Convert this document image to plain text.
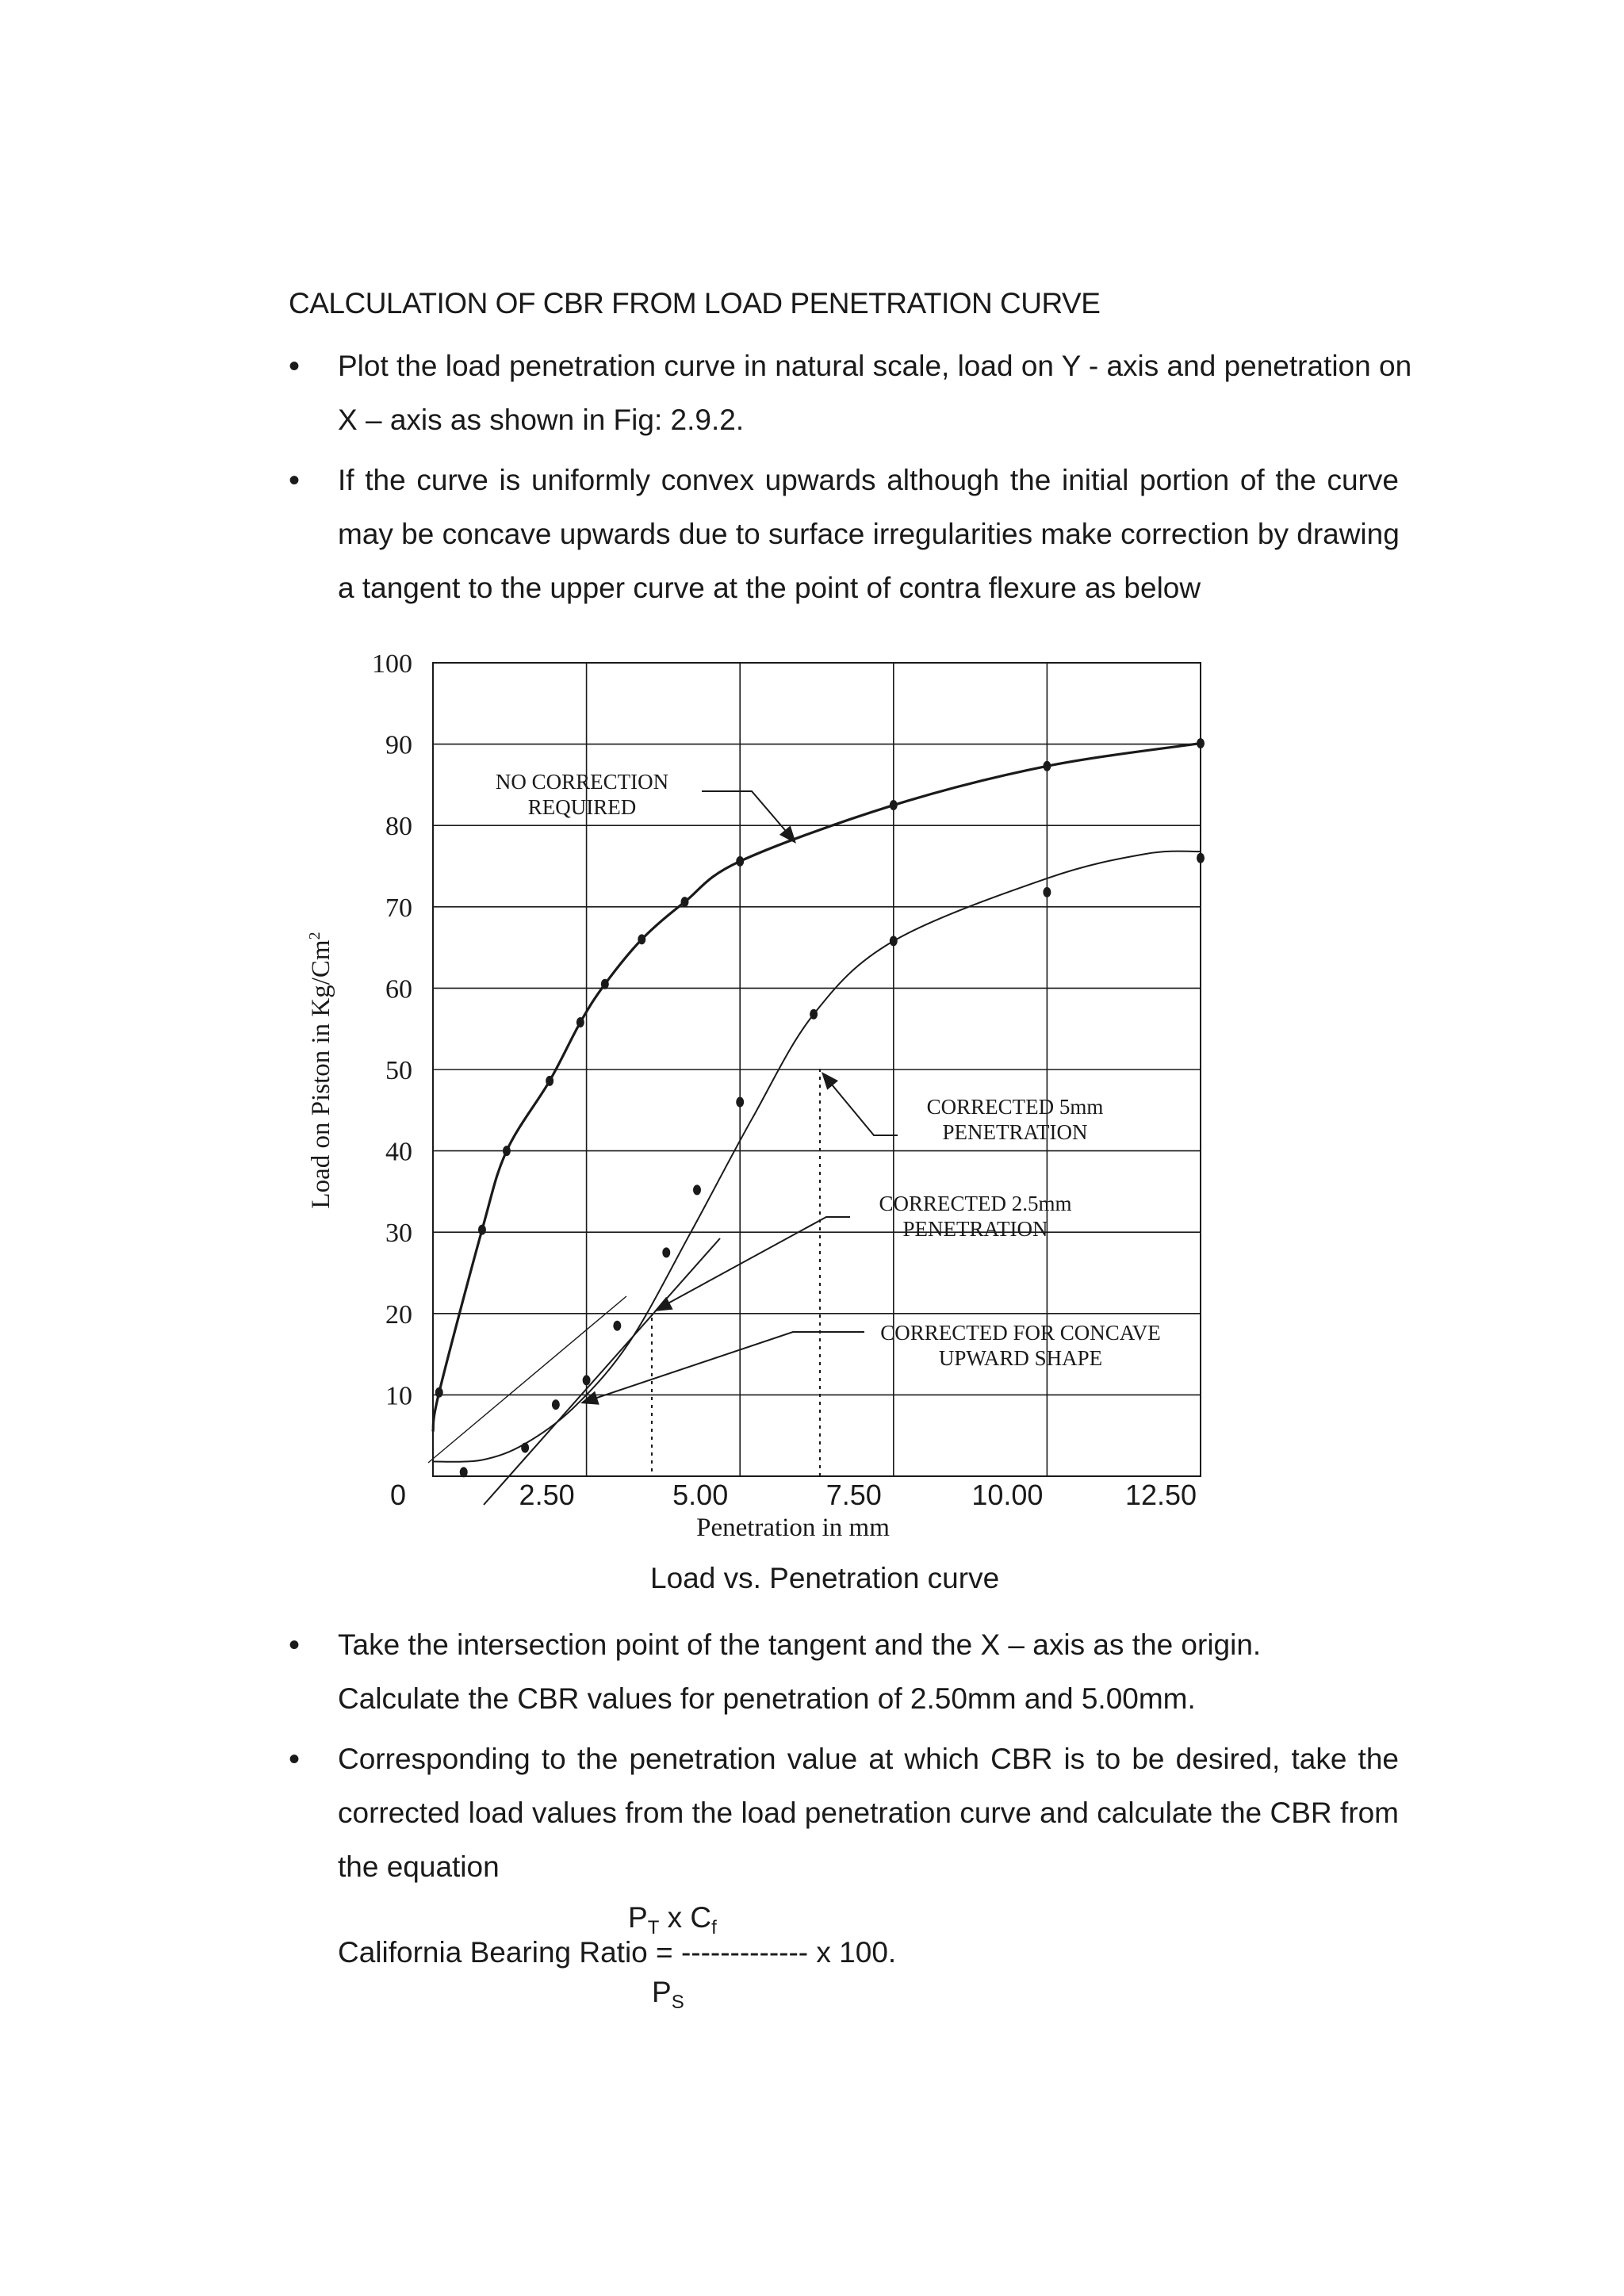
CALCULATION OF CBR FROM LOAD PENETRATION CURVE
• Plot the load penetration curve in natural scale, load on Y - axis and penetration on
X – axis as shown in Fig: 2.9.2.
• If the curve is uniformly convex upwards although the initial portion of the curve
may be concave upwards due to surface irregularities make correction by drawing
a tangent to the upper curve at the point of contra flexure as below
10
20
30
40
50
60
70
80
90
100
0	2.50	5.00	7.50	10.00	12.50
Penetration in mm
Load on Piston in Kg/Cm$^2$
NO CORRECTION REQUIRED
CORRECTED 5mm PENETRATION
CORRECTED 2.5mm PENETRATION
CORRECTED FOR CONCAVE UPWARD SHAPE
Load vs. Penetration curve
• Take the intersection point of the tangent and the X – axis as the origin.
Calculate the CBR values for penetration of 2.50mm and 5.00mm.
• Corresponding to the penetration value at which CBR is to be desired, take the
corrected load values from the load penetration curve and calculate the CBR from
the equation
$P_T$ x $C_f$
California Bearing Ratio = ------------- x 100.
$P_S$
